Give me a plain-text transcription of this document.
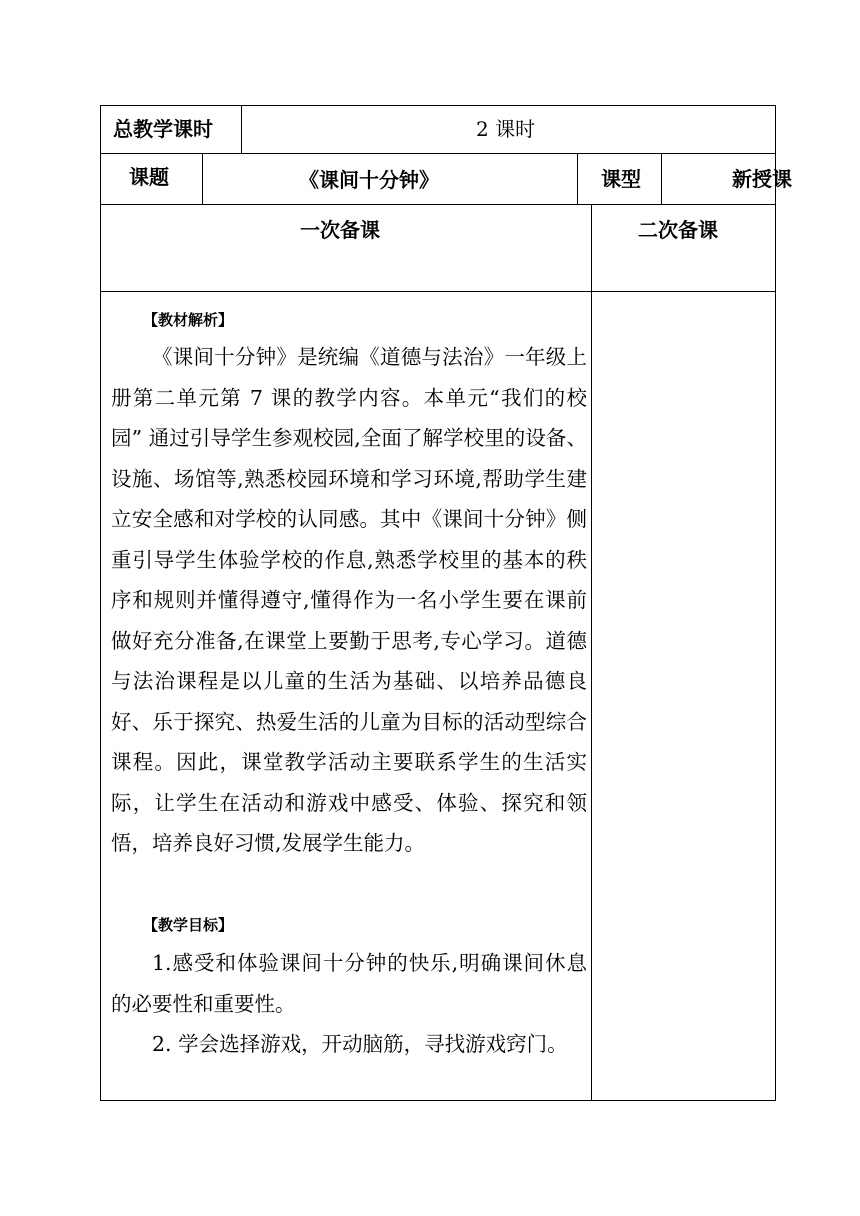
总教学课时	2 课时
课题	《课间十分钟》	课型	新授课
一次备课	二次备课
【教材解析】

《课间十分钟》是统编《道德与法治》一年级上册第二单元第 7 课的教学内容。本单元“我们的校园” 通过引导学生参观校园,全面了解学校里的设备、设施、场馆等,熟悉校园环境和学习环境,帮助学生建立安全感和对学校的认同感。其中《课间十分钟》侧重引导学生体验学校的作息,熟悉学校里的基本的秩序和规则并懂得遵守,懂得作为一名小学生要在课前做好充分准备,在课堂上要勤于思考,专心学习。道德与法治课程是以儿童的生活为基础、以培养品德良好、乐于探究、热爱生活的儿童为目标的活动型综合课程。因此，课堂教学活动主要联系学生的生活实际，让学生在活动和游戏中感受、体验、探究和领悟，培养良好习惯,发展学生能力。

【教学目标】

1.感受和体验课间十分钟的快乐,明确课间休息的必要性和重要性。

2. 学会选择游戏，开动脑筋，寻找游戏窍门。
